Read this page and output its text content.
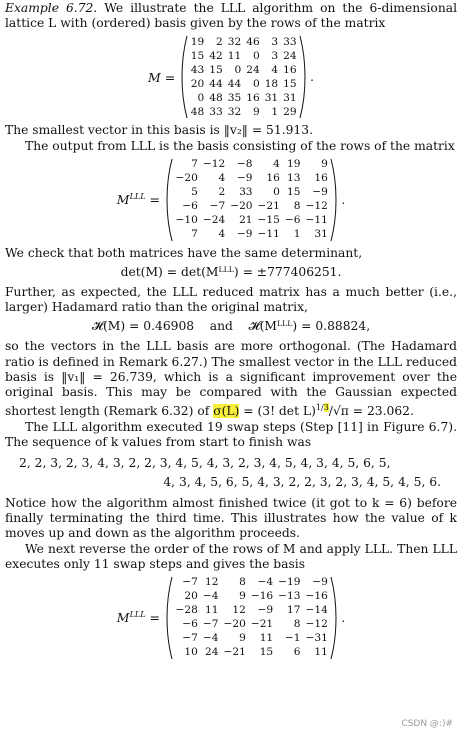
Example 6.72. We illustrate the LLL algorithm on the 6-dimensional lattice L with (ordered) basis given by the rows of the matrix

M =
19	2	32	46	3	33
15	42	11	0	3	24
43	15	0	24	4	16
20	44	44	0	18	15
0	48	35	16	31	31
48	33	32	9	1	29
.

The smallest vector in this basis is ‖v₂‖ = 51.913.

The output from LLL is the basis consisting of the rows of the matrix

$M^{LLL}$ =
7	−12	−8	4	19	9
−20	4	−9	16	13	16
5	2	33	0	15	−9
−6	−7	−20	−21	8	−12
−10	−24	21	−15	−6	−11
7	4	−9	−11	1	31
.

We check that both matrices have the same determinant,

det(M) = det(Mᴸᴸᴸ) = ±777406251.

Further, as expected, the LLL reduced matrix has a much better (i.e., larger) Hadamard ratio than the original matrix,

𝓗(M) = 0.46908 and 𝓗(Mᴸᴸᴸ) = 0.88824,

so the vectors in the LLL basis are more orthogonal. (The Hadamard ratio is defined in Remark 6.27.) The smallest vector in the LLL reduced basis is ‖v₁‖ = 26.739, which is a significant improvement over the original basis. This may be compared with the Gaussian expected shortest length (Remark 6.32) of σ(L) = (3! det L)$^{1/3}$/√π = 23.062.

The LLL algorithm executed 19 swap steps (Step [11] in Figure 6.7). The sequence of k values from start to finish was

2, 2, 3, 2, 3, 4, 3, 2, 2, 3, 4, 5, 4, 3, 2, 3, 4, 5, 4, 3, 4, 5, 6, 5,
4, 3, 4, 5, 6, 5, 4, 3, 2, 2, 3, 2, 3, 4, 5, 4, 5, 6.

Notice how the algorithm almost finished twice (it got to k = 6) before finally terminating the third time. This illustrates how the value of k moves up and down as the algorithm proceeds.

We next reverse the order of the rows of M and apply LLL. Then LLL executes only 11 swap steps and gives the basis

$M^{LLL}$ =
−7	12	8	−4	−19	−9
20	−4	9	−16	−13	−16
−28	11	12	−9	17	−14
−6	−7	−20	−21	8	−12
−7	−4	9	11	−1	−31
10	24	−21	15	6	11
.
CSDN @:)#
